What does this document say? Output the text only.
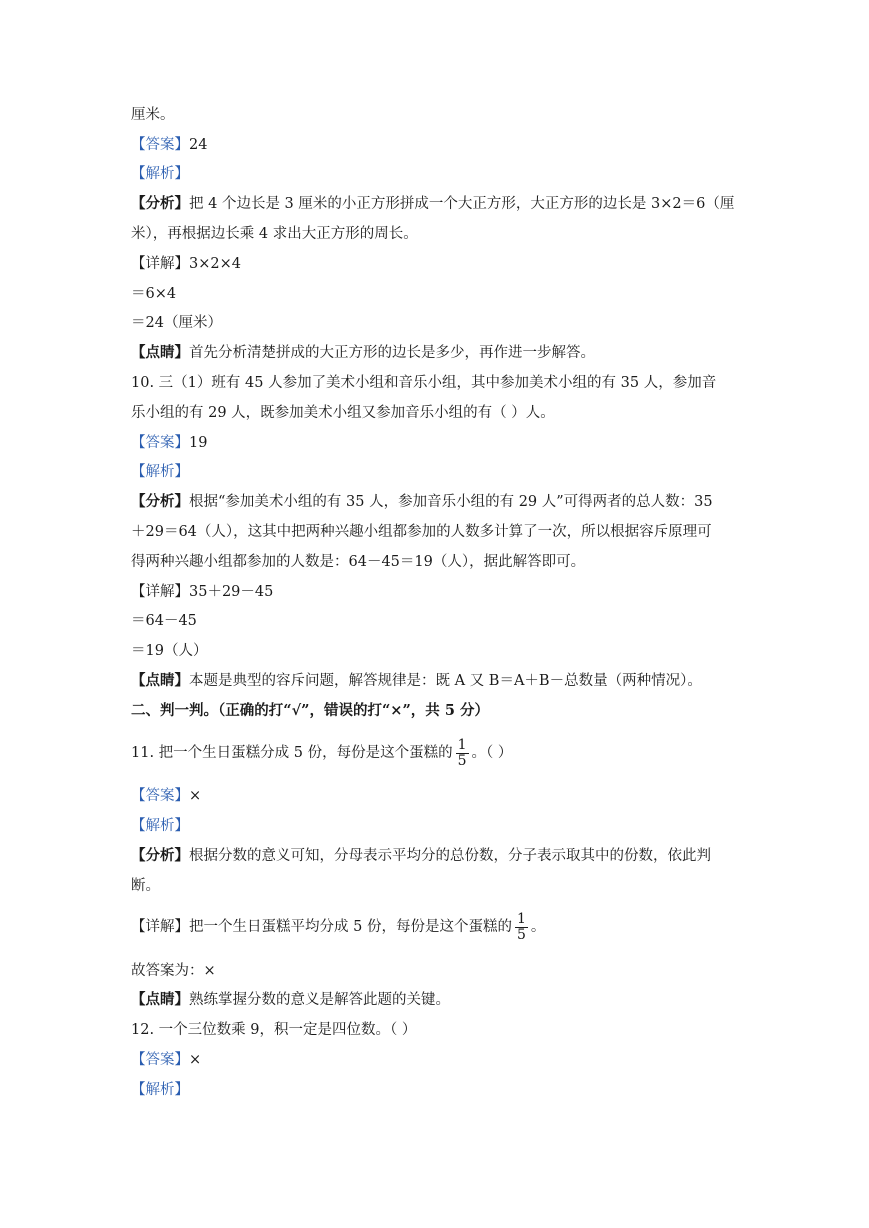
厘米。
【答案】24
【解析】
【分析】把 4 个边长是 3 厘米的小正方形拼成一个大正方形，大正方形的边长是 3×2＝6（厘
米），再根据边长乘 4 求出大正方形的周长。
【详解】3×2×4
＝6×4
＝24（厘米）
【点睛】首先分析清楚拼成的大正方形的边长是多少，再作进一步解答。
10. 三（1）班有 45 人参加了美术小组和音乐小组，其中参加美术小组的有 35 人，参加音
乐小组的有 29 人，既参加美术小组又参加音乐小组的有（ ）人。
【答案】19
【解析】
【分析】根据“参加美术小组的有 35 人，参加音乐小组的有 29 人”可得两者的总人数：35
＋29＝64（人），这其中把两种兴趣小组都参加的人数多计算了一次，所以根据容斥原理可
得两种兴趣小组都参加的人数是：64－45＝19（人），据此解答即可。
【详解】35＋29－45
＝64－45
＝19（人）
【点睛】本题是典型的容斥问题，解答规律是：既 A 又 B＝A＋B－总数量（两种情况）。
二、判一判。（正确的打“√”，错误的打“×”，共 5 分）
11. 把一个生日蛋糕分成 5 份，每份是这个蛋糕的 $\frac{1}{5}$ 。（ ）
【答案】×
【解析】
【分析】根据分数的意义可知，分母表示平均分的总份数，分子表示取其中的份数，依此判
断。
【详解】把一个生日蛋糕平均分成 5 份，每份是这个蛋糕的 $\frac{1}{5}$ 。
故答案为：×
【点睛】熟练掌握分数的意义是解答此题的关键。
12. 一个三位数乘 9，积一定是四位数。（ ）
【答案】×
【解析】
